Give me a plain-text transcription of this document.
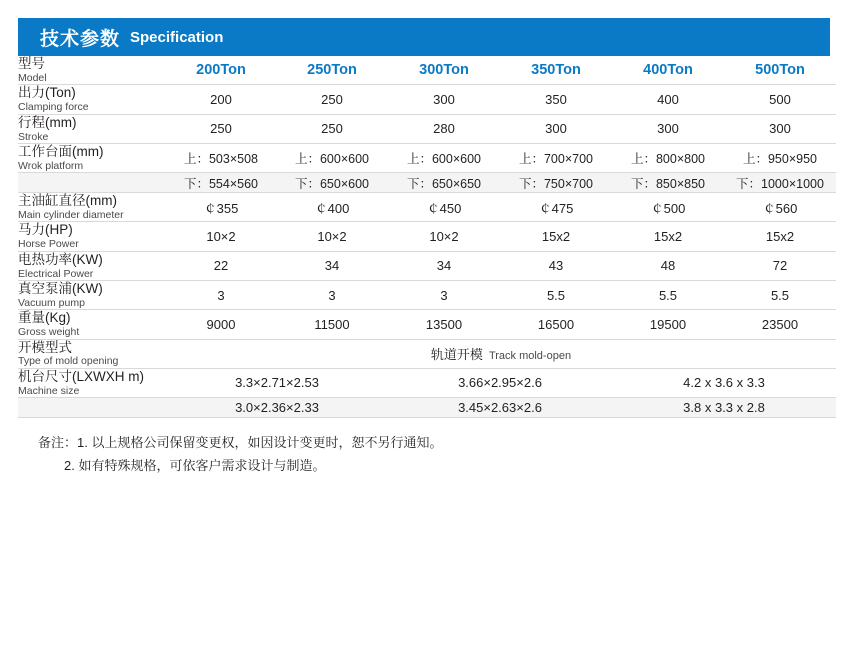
技术参数 Specification
型号
Model	200Ton	250Ton	300Ton	350Ton	400Ton	500Ton

出力(Ton)
Clamping force	200	250	300	350	400	500

行程(mm)
Stroke	250	250	280	300	300	300

工作台面(mm)
Wrok platform	上：503×508	上：600×600	上：600×600	上：700×700	上：800×800	上：950×950
	下：554×560	下：650×600	下：650×650	下：750×700	下：850×850	下：1000×1000

主油缸直径(mm)
Main cylinder diameter	￠355	￠400	￠450	￠475	￠500	￠560

马力(HP)
Horse Power	10×2	10×2	10×2	15x2	15x2	15x2

电热功率(KW)
Electrical Power	22	34	34	43	48	72

真空泵浦(KW)
Vacuum pump	3	3	3	5.5	5.5	5.5

重量(Kg)
Gross weight	9000	11500	13500	16500	19500	23500

开模型式
Type of mold opening	轨道开模 Track mold-open					

机台尺寸(LXWXH m)
Machine size	3.3×2.71×2.53		3.66×2.95×2.6		4.2 x 3.6 x 3.3	
	3.0×2.36×2.33		3.45×2.63×2.6		3.8 x 3.3 x 2.8	
备注：1. 以上规格公司保留变更权，如因设计变更时，恕不另行通知。
2. 如有特殊规格，可依客户需求设计与制造。
